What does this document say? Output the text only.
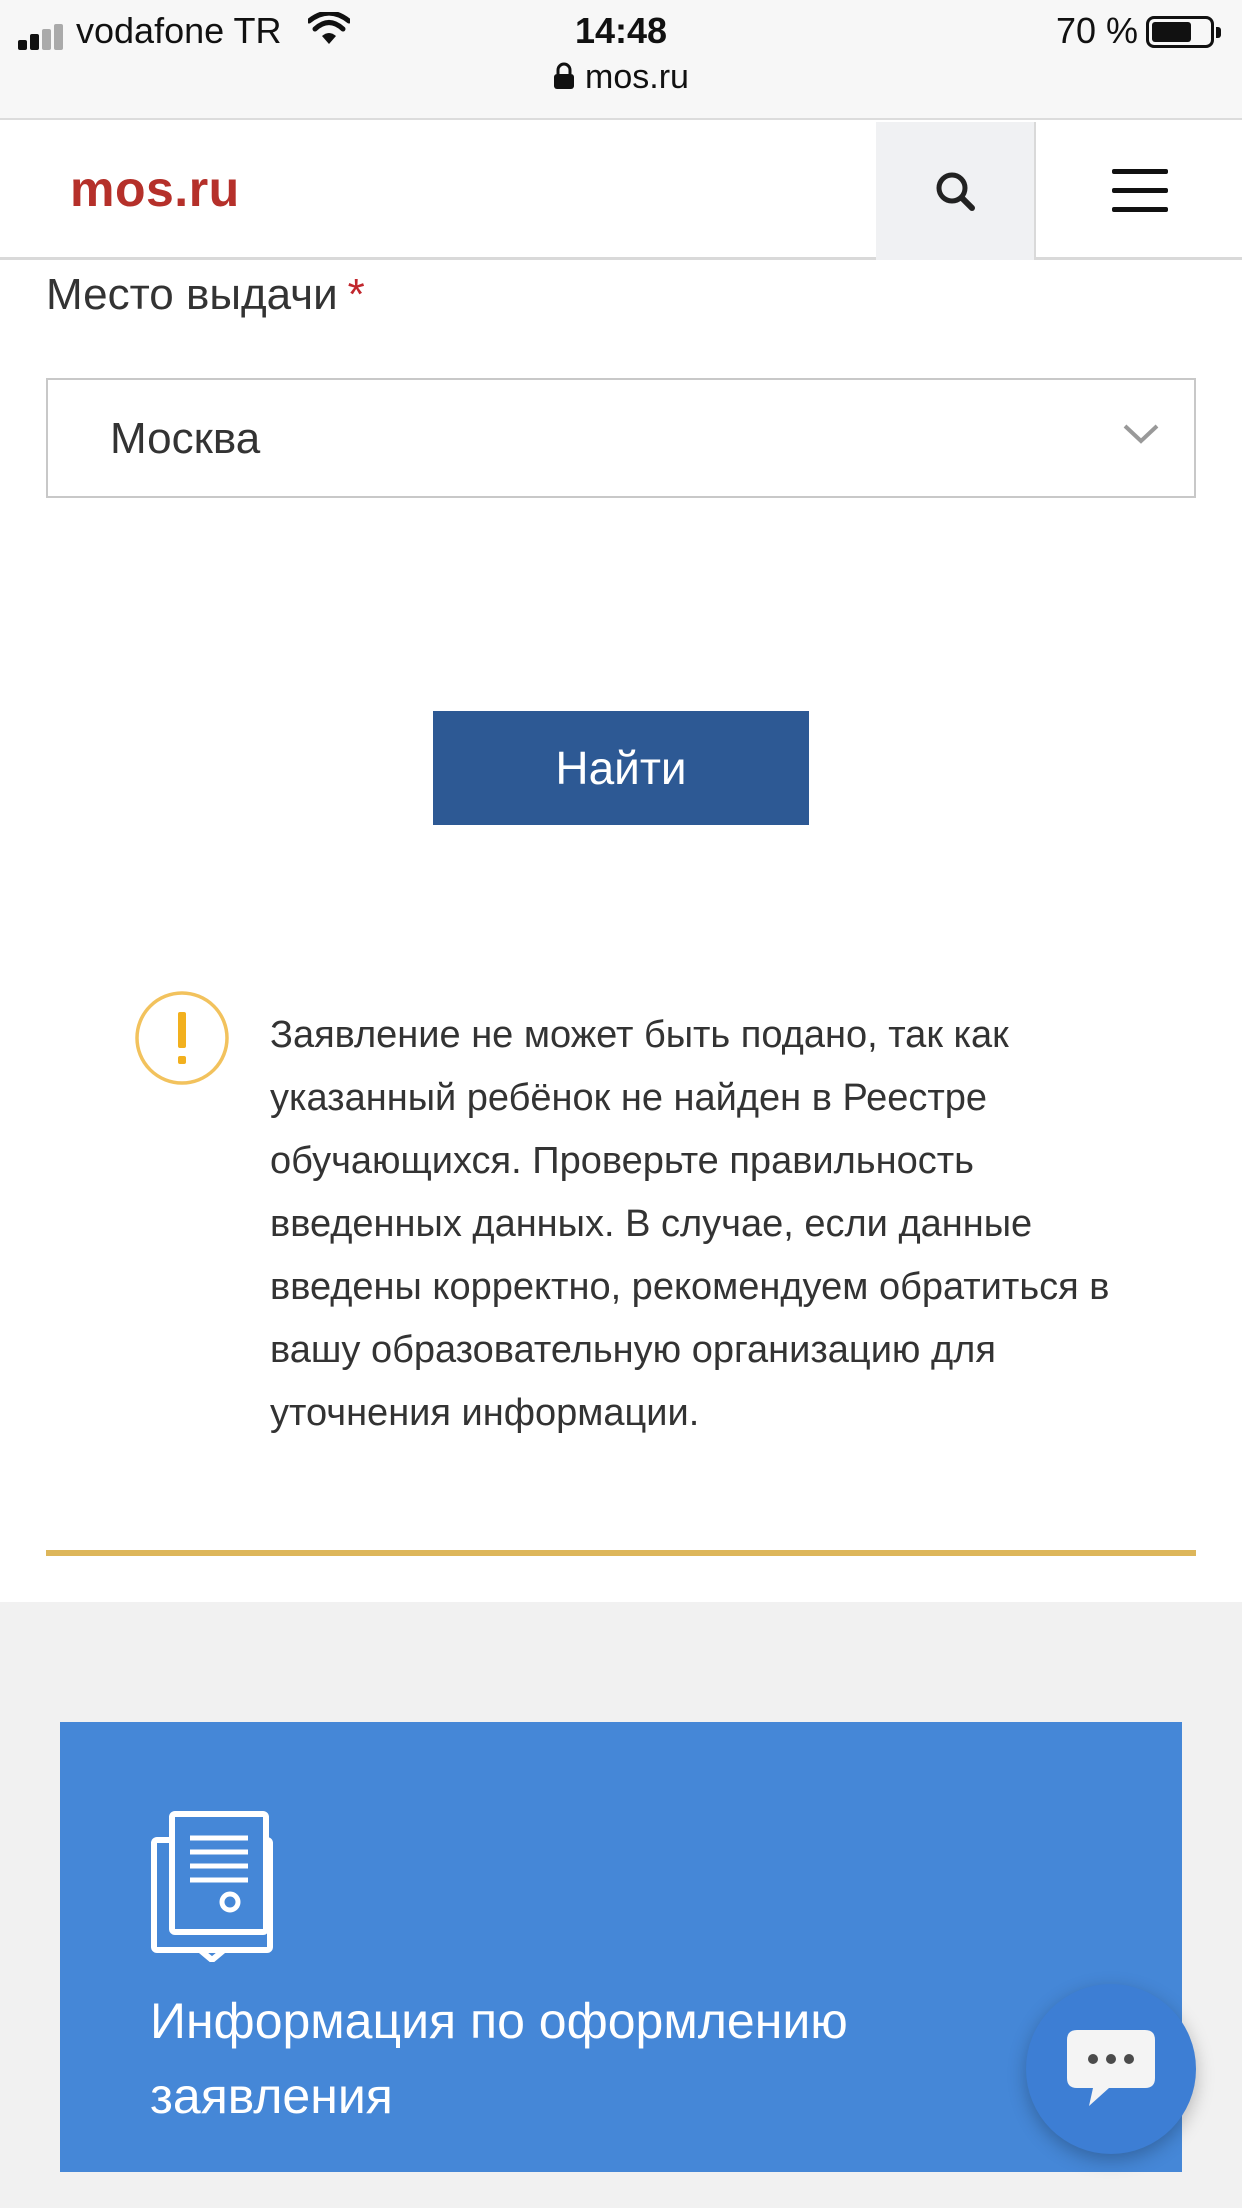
vodafone TR	14:48	70 %
mos.ru
mos.ru
Место выдачи *
Москва
Найти
Заявление не может быть подано, так как указанный ребёнок не найден в Реестре обучающихся. Проверьте правильность введенных данных. В случае, если данные введены корректно, рекомендуем обратиться в вашу образовательную организацию для уточнения информации.
Информация по оформлению заявления
